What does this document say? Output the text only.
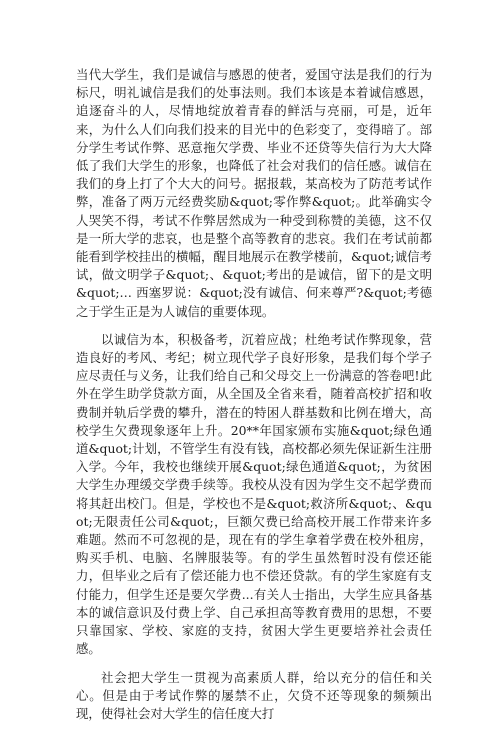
当代大学生，我们是诚信与感恩的使者，爱国守法是我们的行为标尺，明礼诚信是我们的处事法则。我们本该是本着诚信感恩，追逐奋斗的人，尽情地绽放着青春的鲜活与亮丽，可是，近年来，为什么人们向我们投来的目光中的色彩变了，变得暗了。部分学生考试作弊、恶意拖欠学费、毕业不还贷等失信行为大大降低了我们大学生的形象，也降低了社会对我们的信任感。诚信在我们的身上打了个大大的问号。据报载，某高校为了防范考试作弊，准备了两万元经费奖励&quot;零作弊&quot;。此举确实令人哭笑不得，考试不作弊居然成为一种受到称赞的美德，这不仅是一所大学的悲哀，也是整个高等教育的悲哀。我们在考试前都能看到学校挂出的横幅，醒目地展示在教学楼前，&quot;诚信考试，做文明学子&quot;、&quot;考出的是诚信，留下的是文明&quot;… 西塞罗说：&quot;没有诚信、何来尊严?&quot;考德之于学生正是为人诚信的重要体现。

以诚信为本，积极备考，沉着应战；杜绝考试作弊现象，营造良好的考风、考纪；树立现代学子良好形象，是我们每个学子应尽责任与义务，让我们给自己和父母交上一份满意的答卷吧!此外在学生助学贷款方面，从全国及全省来看，随着高校扩招和收费制并轨后学费的攀升，潜在的特困人群基数和比例在增大，高校学生欠费现象逐年上升。20**年国家颁布实施&quot;绿色通道&quot;计划，不管学生有没有钱，高校都必须先保证新生注册入学。今年，我校也继续开展&quot;绿色通道&quot;，为贫困大学生办理缓交学费手续等。我校从没有因为学生交不起学费而将其赶出校门。但是，学校也不是&quot;救济所&quot;、&quot;无限责任公司&quot;，巨额欠费已给高校开展工作带来许多难题。然而不可忽视的是，现在有的学生拿着学费在校外租房，购买手机、电脑、名牌服装等。有的学生虽然暂时没有偿还能力，但毕业之后有了偿还能力也不偿还贷款。有的学生家庭有支付能力，但学生还是要欠学费...有关人士指出，大学生应具备基本的诚信意识及付费上学、自己承担高等教育费用的思想，不要只靠国家、学校、家庭的支持，贫困大学生更要培养社会责任感。

社会把大学生一贯视为高素质人群，给以充分的信任和关心。但是由于考试作弊的屡禁不止，欠贷不还等现象的频频出现，使得社会对大学生的信任度大打
